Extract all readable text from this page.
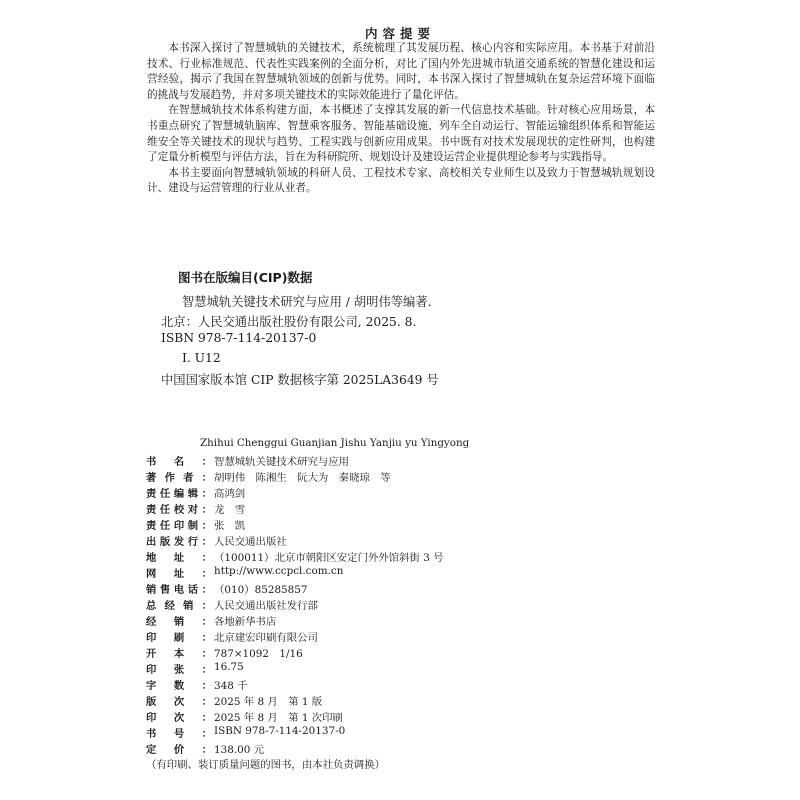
内容提要

本书深入探讨了智慧城轨的关键技术，系统梳理了其发展历程、核心内容和实际应用。本书基于对前沿技术、行业标准规范、代表性实践案例的全面分析，对比了国内外先进城市轨道交通系统的智慧化建设和运营经验，揭示了我国在智慧城轨领域的创新与优势。同时，本书深入探讨了智慧城轨在复杂运营环境下面临的挑战与发展趋势，并对多项关键技术的实际效能进行了量化评估。

在智慧城轨技术体系构建方面，本书概述了支撑其发展的新一代信息技术基础。针对核心应用场景，本书重点研究了智慧城轨脑库、智慧乘客服务、智能基础设施、列车全自动运行、智能运输组织体系和智能运维安全等关键技术的现状与趋势、工程实践与创新应用成果。书中既有对技术发展现状的定性研判，也构建了定量分析模型与评估方法，旨在为科研院所、规划设计及建设运营企业提供理论参考与实践指导。

本书主要面向智慧城轨领域的科研人员、工程技术专家、高校相关专业师生以及致力于智慧城轨规划设计、建设与运营管理的行业从业者。

图书在版编目(CIP)数据
智慧城轨关键技术研究与应用 / 胡明伟等编著.
北京：人民交通出版社股份有限公司, 2025. 8.
ISBN 978-7-114-20137-0
Ⅰ. U12
中国国家版本馆 CIP 数据核字第 2025LA3649 号
Zhihui Chenggui Guanjian Jishu Yanjiu yu Yingyong
书名： 智慧城轨关键技术研究与应用
著作者： 胡明伟　陈湘生　阮大为　秦晓琼　等
责任编辑： 高鸿剑
责任校对： 龙　雪
责任印制： 张　凯
出版发行： 人民交通出版社
地址： （100011）北京市朝阳区安定门外外馆斜街 3 号
网址： http://www.ccpcl.com.cn
销售电话： （010）85285857
总经销： 人民交通出版社发行部
经销： 各地新华书店
印刷： 北京建宏印刷有限公司
开本： 787×1092　1/16
印张： 16.75
字数： 348 千
版次： 2025 年 8 月　第 1 版
印次： 2025 年 8 月　第 1 次印刷
书号： ISBN 978-7-114-20137-0
定价： 138.00 元
（有印刷、装订质量问题的图书，由本社负责调换）
